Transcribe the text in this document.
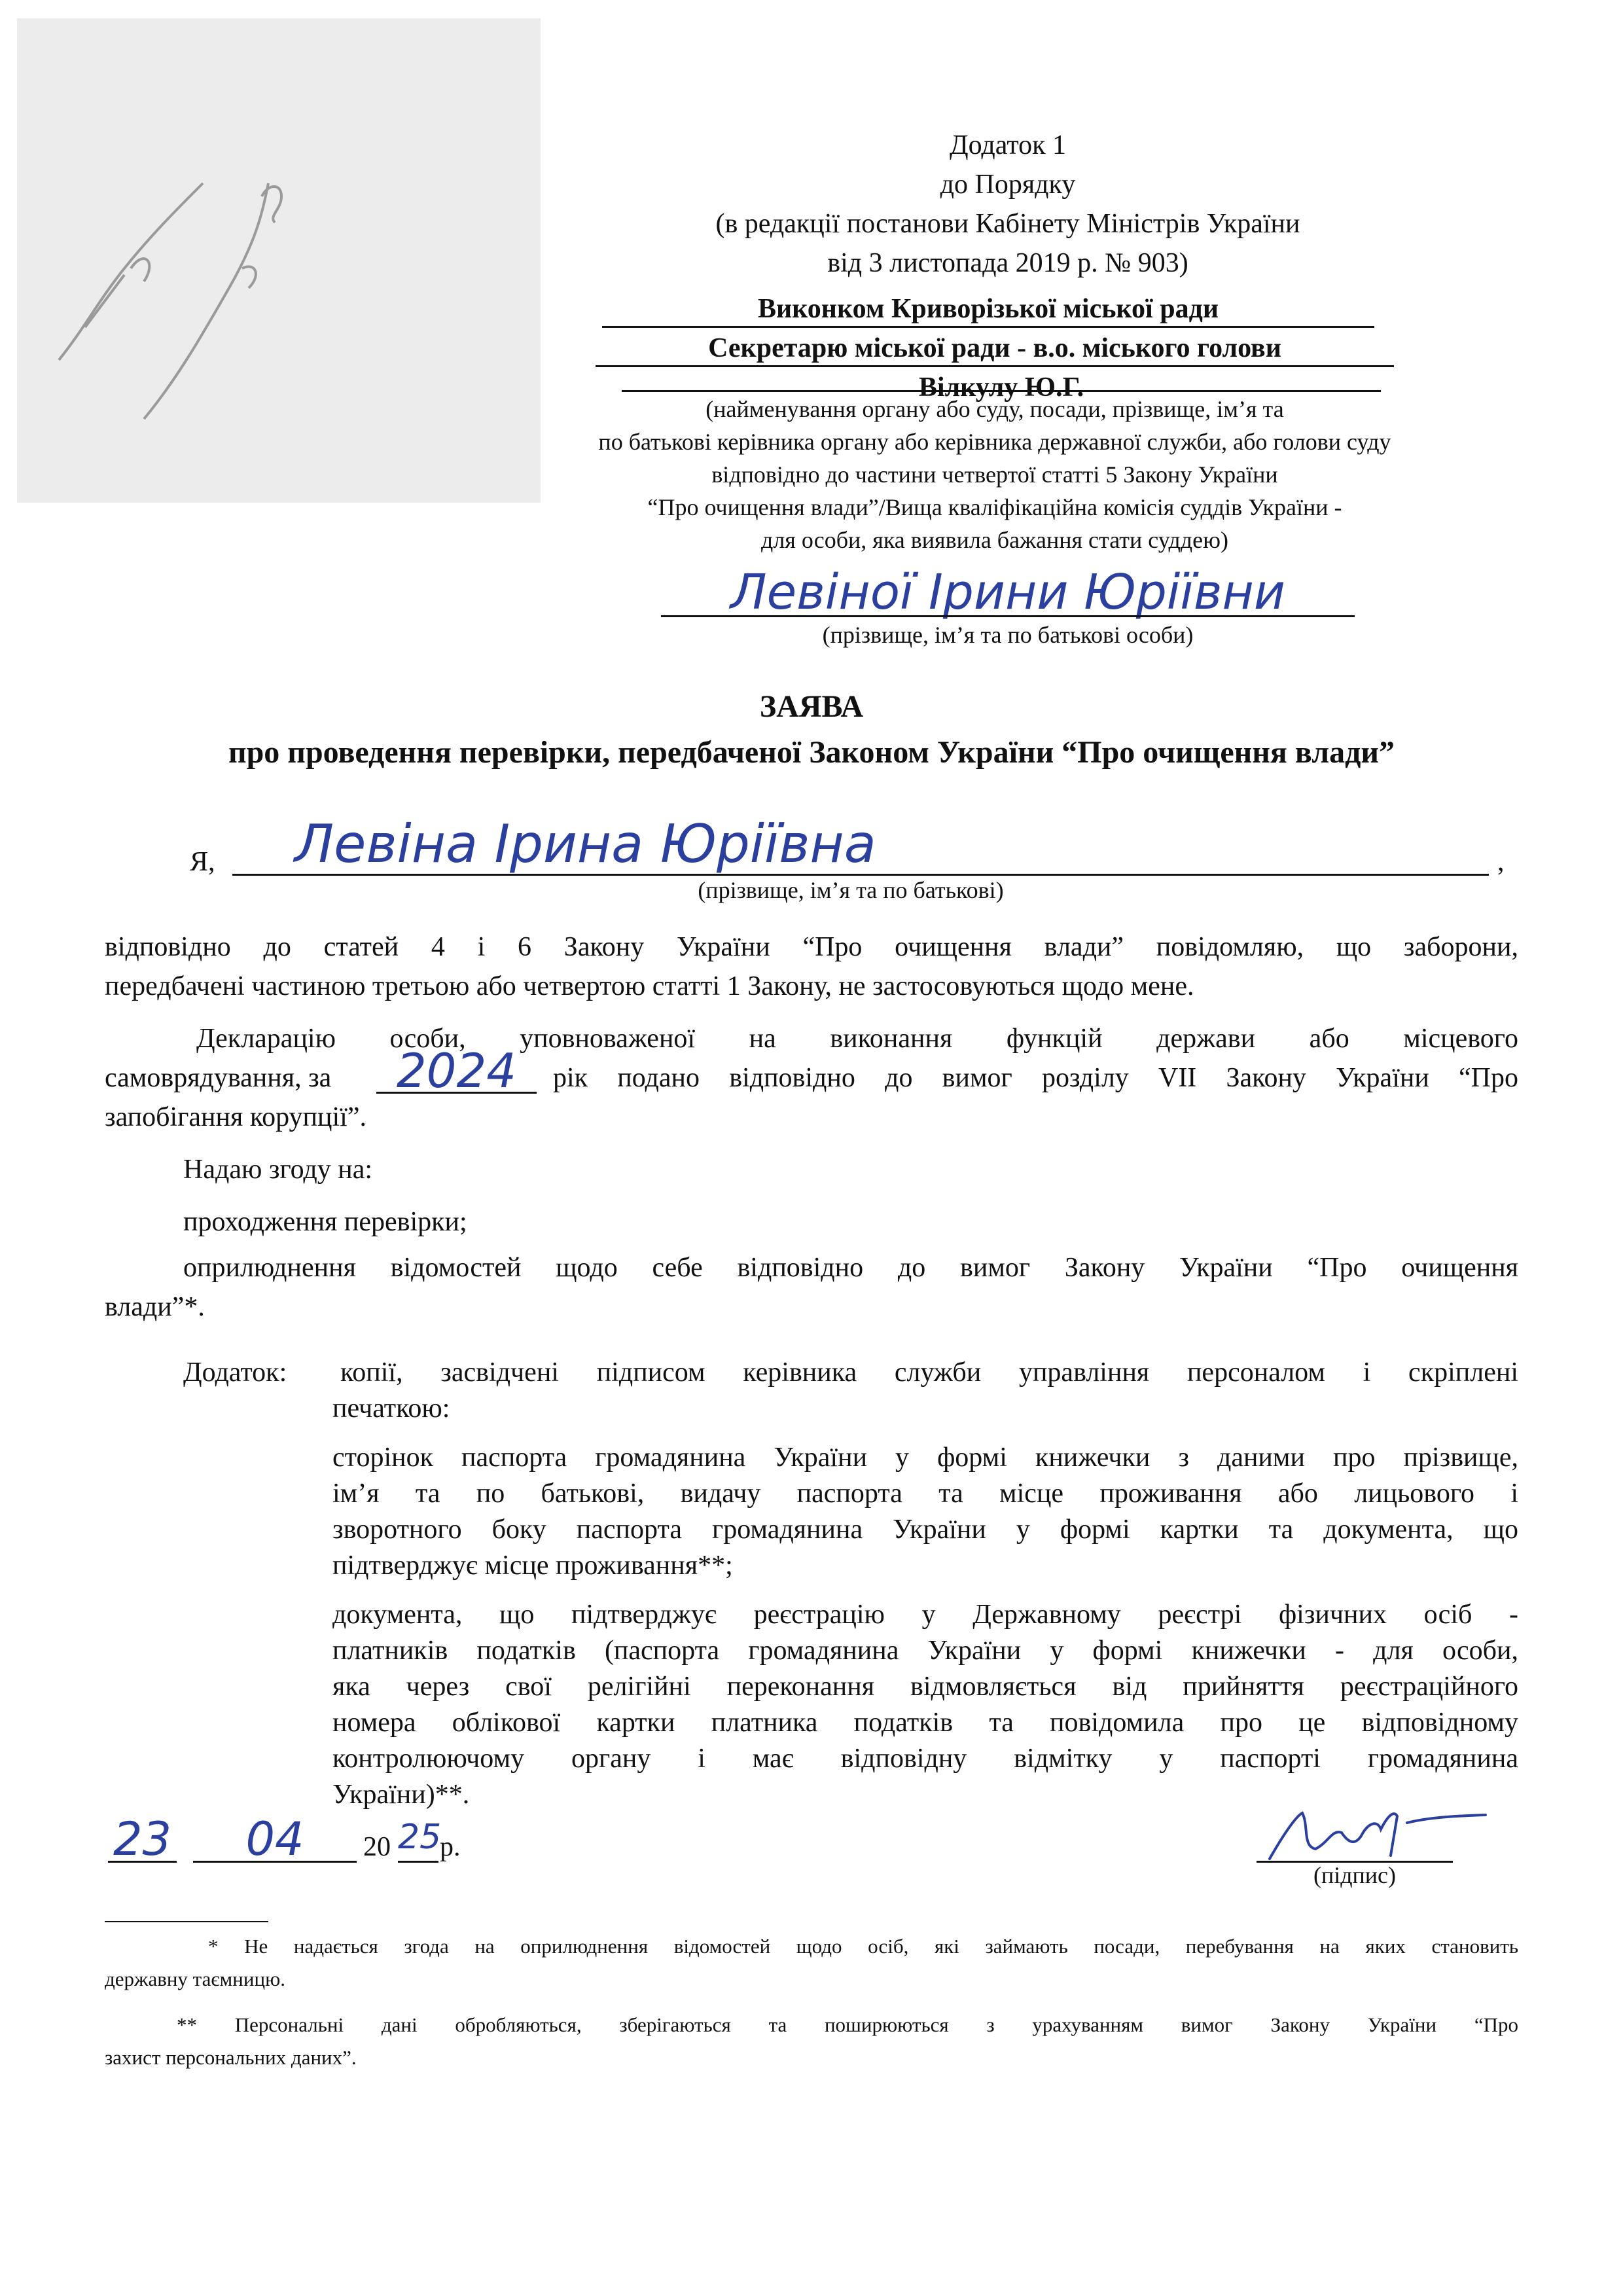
Додаток 1
до Порядку
(в редакції постанови Кабінету Міністрів України
від 3 листопада 2019 р. № 903)
Виконком Криворізької міської ради
Секретарю міської ради - в.о. міського голови
Вілкулу Ю.Г.
(найменування органу або суду, посади, прізвище, ім’я та
по батькові керівника органу або керівника державної служби, або голови суду
відповідно до частини четвертої статті 5 Закону України
“Про очищення влади”/Вища кваліфікаційна комісія суддів України -
для особи, яка виявила бажання стати суддею)
Левіної Ірини Юріївни
(прізвище, ім’я та по батькові особи)
ЗАЯВА
про проведення перевірки, передбаченої Законом України “Про очищення влади”
Я,	Левіна Ірина Юріївна	,
(прізвище, ім’я та по батькові)
відповідно до статей 4 і 6 Закону України “Про очищення влади” повідомляю, що заборони,
передбачені частиною третьою або четвертою статті 1 Закону, не застосовуються щодо мене.
Декларацію особи, уповноваженої на виконання функцій держави або місцевого
самоврядування, за	2024	рік подано відповідно до вимог розділу VII Закону України “Про
запобігання корупції”.
Надаю згоду на:
проходження перевірки;
оприлюднення відомостей щодо себе відповідно до вимог Закону України “Про очищення
влади”*.
Додаток: копії, засвідчені підписом керівника служби управління персоналом і скріплені
печаткою:
сторінок паспорта громадянина України у формі книжечки з даними про прізвище,
ім’я та по батькові, видачу паспорта та місце проживання або лицьового і
зворотного боку паспорта громадянина України у формі картки та документа, що
підтверджує місце проживання**;
документа, що підтверджує реєстрацію у Державному реєстрі фізичних осіб -
платників податків (паспорта громадянина України у формі книжечки - для особи,
яка через свої релігійні переконання відмовляється від прийняття реєстраційного
номера облікової картки платника податків та повідомила про це відповідному
контролюючому органу і має відповідну відмітку у паспорті громадянина
України)**.
23	04	20 25
р.
(підпис)
* Не надається згода на оприлюднення відомостей щодо осіб, які займають посади, перебування на яких становить
державну таємницю.
** Персональні дані обробляються, зберігаються та поширюються з урахуванням вимог Закону України “Про
захист персональних даних”.
